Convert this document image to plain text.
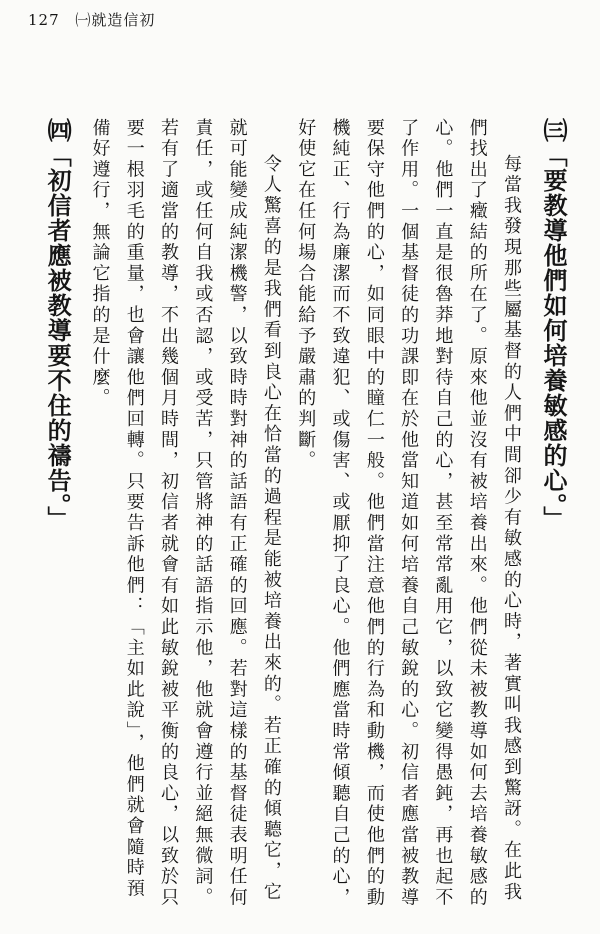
127 ㈠就造信初
㈢「要教導他們如何培養敏感的心。」

每當我發現那些屬基督的人們中間卻少有敏感的心時，著實叫我感到驚訝。在此我們找出了癥結的所在了。原來他並沒有被培養出來。他們從未被教導如何去培養敏感的心。他們一直是很魯莽地對待自己的心，甚至常常亂用它，以致它變得愚鈍，再也起不了作用。一個基督徒的功課即在於他當知道如何培養自己敏銳的心。初信者應當被教導要保守他們的心，如同眼中的瞳仁一般。他們當注意他們的行為和動機，而使他們的動機純正、行為廉潔而不致違犯、或傷害、或厭抑了良心。他們應當時常傾聽自己的心，好使它在任何場合能給予嚴肅的判斷。

令人驚喜的是我們看到良心在恰當的過程是能被培養出來的。若正確的傾聽它，它就可能變成純潔機警，以致時時對神的話語有正確的回應。若對這樣的基督徒表明任何責任，或任何自我或否認，或受苦，只管將神的話語指示他，他就會遵行並絕無微詞。若有了適當的教導，不出幾個月時間，初信者就會有如此敏銳被平衡的良心，以致於只要一根羽毛的重量，也會讓他們回轉。只要告訴他們：「主如此說」，他們就會隨時預備好遵行，無論它指的是什麼。

㈣「初信者應被教導要不住的禱告。」
